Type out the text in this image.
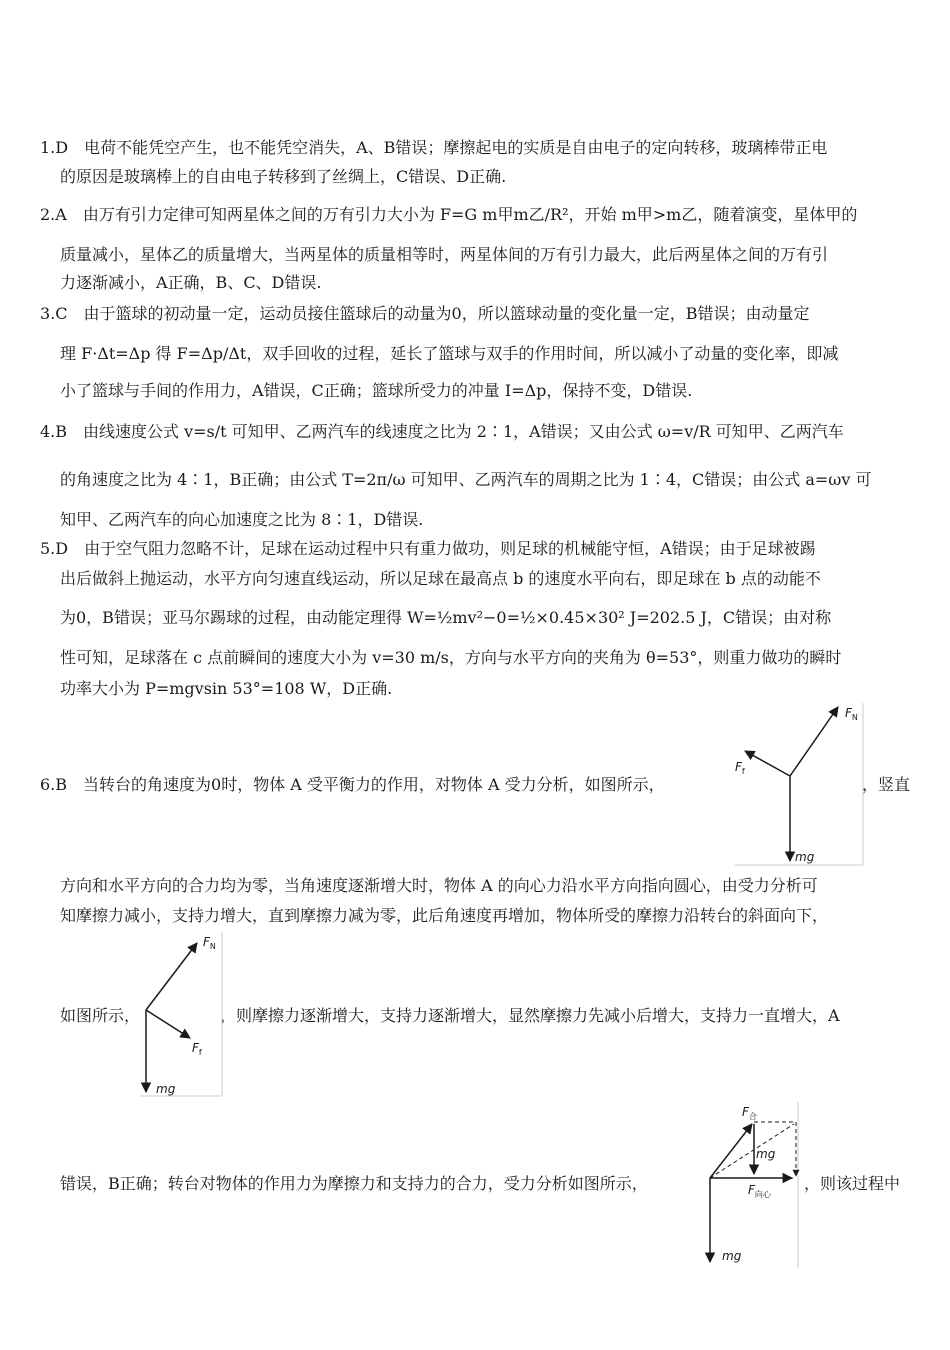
1.D　电荷不能凭空产生，也不能凭空消失，A、B错误；摩擦起电的实质是自由电子的定向转移，玻璃棒带正电
的原因是玻璃棒上的自由电子转移到了丝绸上，C错误、D正确.
2.A　由万有引力定律可知两星体之间的万有引力大小为 F=G m甲m乙/R²，开始 m甲>m乙，随着演变，星体甲的
质量减小，星体乙的质量增大，当两星体的质量相等时，两星体间的万有引力最大，此后两星体之间的万有引
力逐渐减小，A正确，B、C、D错误.
3.C　由于篮球的初动量一定，运动员接住篮球后的动量为0，所以篮球动量的变化量一定，B错误；由动量定
理 F·Δt=Δp 得 F=Δp/Δt，双手回收的过程，延长了篮球与双手的作用时间，所以减小了动量的变化率，即减
小了篮球与手间的作用力，A错误，C正确；篮球所受力的冲量 I=Δp，保持不变，D错误.
4.B　由线速度公式 v=s/t 可知甲、乙两汽车的线速度之比为 2∶1，A错误；又由公式 ω=v/R 可知甲、乙两汽车
的角速度之比为 4∶1，B正确；由公式 T=2π/ω 可知甲、乙两汽车的周期之比为 1∶4，C错误；由公式 a=ωv 可
知甲、乙两汽车的向心加速度之比为 8∶1，D错误.
5.D　由于空气阻力忽略不计，足球在运动过程中只有重力做功，则足球的机械能守恒，A错误；由于足球被踢
出后做斜上抛运动，水平方向匀速直线运动，所以足球在最高点 b 的速度水平向右，即足球在 b 点的动能不
为0，B错误；亚马尔踢球的过程，由动能定理得 W=½mv²−0=½×0.45×30² J=202.5 J，C错误；由对称
性可知，足球落在 c 点前瞬间的速度大小为 v=30 m/s，方向与水平方向的夹角为 θ=53°，则重力做功的瞬时
功率大小为 P=mgvsin 53°=108 W，D正确.
6.B　当转台的角速度为0时，物体 A 受平衡力的作用，对物体 A 受力分析，如图所示，	，竖直
方向和水平方向的合力均为零，当角速度逐渐增大时，物体 A 的向心力沿水平方向指向圆心，由受力分析可
知摩擦力减小，支持力增大，直到摩擦力减为零，此后角速度再增加，物体所受的摩擦力沿转台的斜面向下，
如图所示，	，则摩擦力逐渐增大，支持力逐渐增大，显然摩擦力先减小后增大，支持力一直增大，A
错误，B正确；转台对物体的作用力为摩擦力和支持力的合力，受力分析如图所示，	，则该过程中
$F_N$
$F_f$
mg
$F_N$
$F_f$
mg
$F_合$
mg
$F_{向心}$
mg
